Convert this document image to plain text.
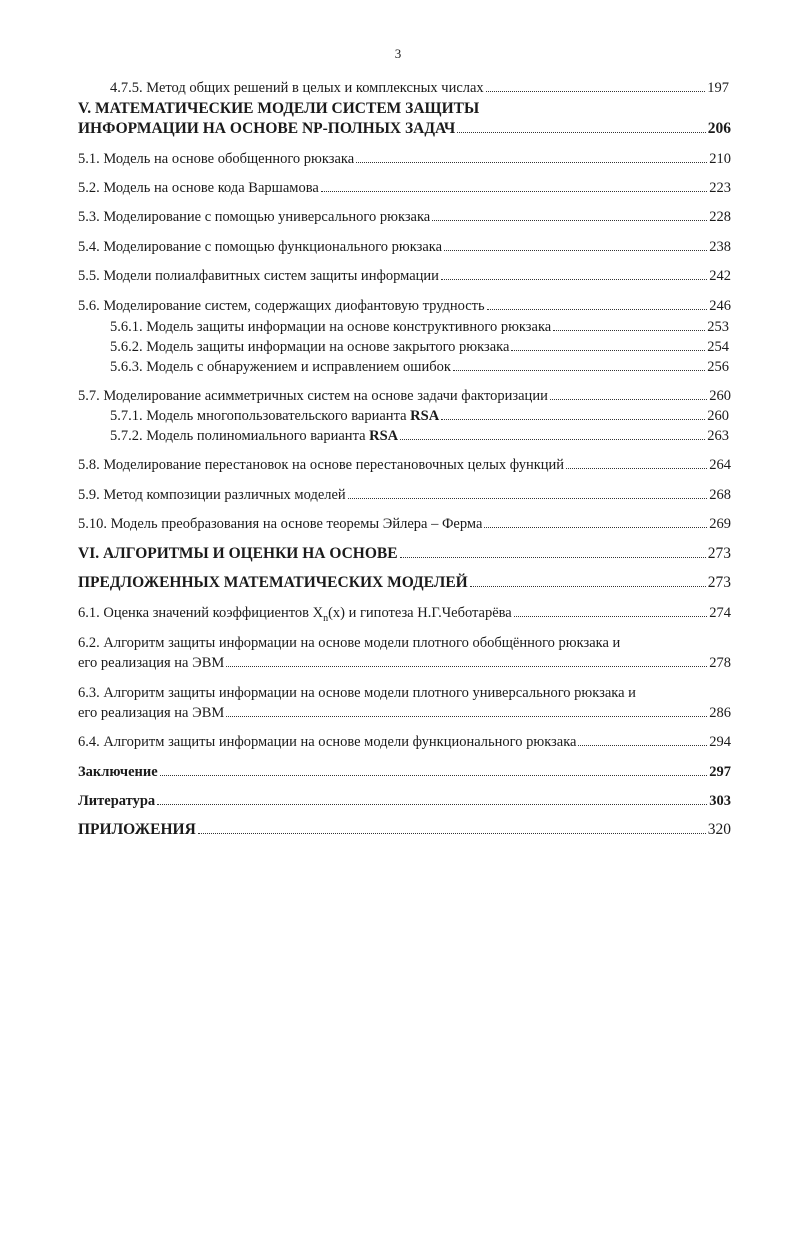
3
4.7.5. Метод общих решений в целых и комплексных числах	197
V. МАТЕМАТИЧЕСКИЕ МОДЕЛИ СИСТЕМ ЗАЩИТЫ
ИНФОРМАЦИИ НА ОСНОВЕ NP-ПОЛНЫХ ЗАДАЧ	206
5.1. Модель на основе обобщенного рюкзака	210
5.2. Модель на основе кода Варшамова	223
5.3. Моделирование с помощью универсального рюкзака	228
5.4. Моделирование с помощью функционального рюкзака	238
5.5. Модели полиалфавитных систем защиты информации	242
5.6. Моделирование систем, содержащих диофантовую трудность	246
5.6.1. Модель защиты информации на основе конструктивного рюкзака	253
5.6.2. Модель защиты информации на основе закрытого рюкзака	254
5.6.3. Модель с обнаружением и исправлением ошибок	256
5.7. Моделирование асимметричных систем на основе задачи факторизации	260
5.7.1. Модель многопользовательского варианта RSA	260
5.7.2. Модель полиномиального варианта RSA	263
5.8. Моделирование перестановок на основе перестановочных целых функций	264
5.9. Метод композиции различных моделей	268
5.10. Модель преобразования на основе теоремы Эйлера – Ферма	269
VI. АЛГОРИТМЫ И ОЦЕНКИ НА ОСНОВЕ	273
ПРЕДЛОЖЕННЫХ МАТЕМАТИЧЕСКИХ МОДЕЛЕЙ	273
6.1. Оценка значений коэффициентов $X_n(x)$ и гипотеза Н.Г.Чеботарёва	274
6.2. Алгоритм защиты информации на основе модели плотного обобщённого рюкзака и
его реализация на ЭВМ	278
6.3. Алгоритм защиты информации на основе модели плотного универсального рюкзака и
его реализация на ЭВМ	286
6.4. Алгоритм защиты информации на основе модели функционального рюкзака	294
Заключение	297
Литература	303
ПРИЛОЖЕНИЯ	320
